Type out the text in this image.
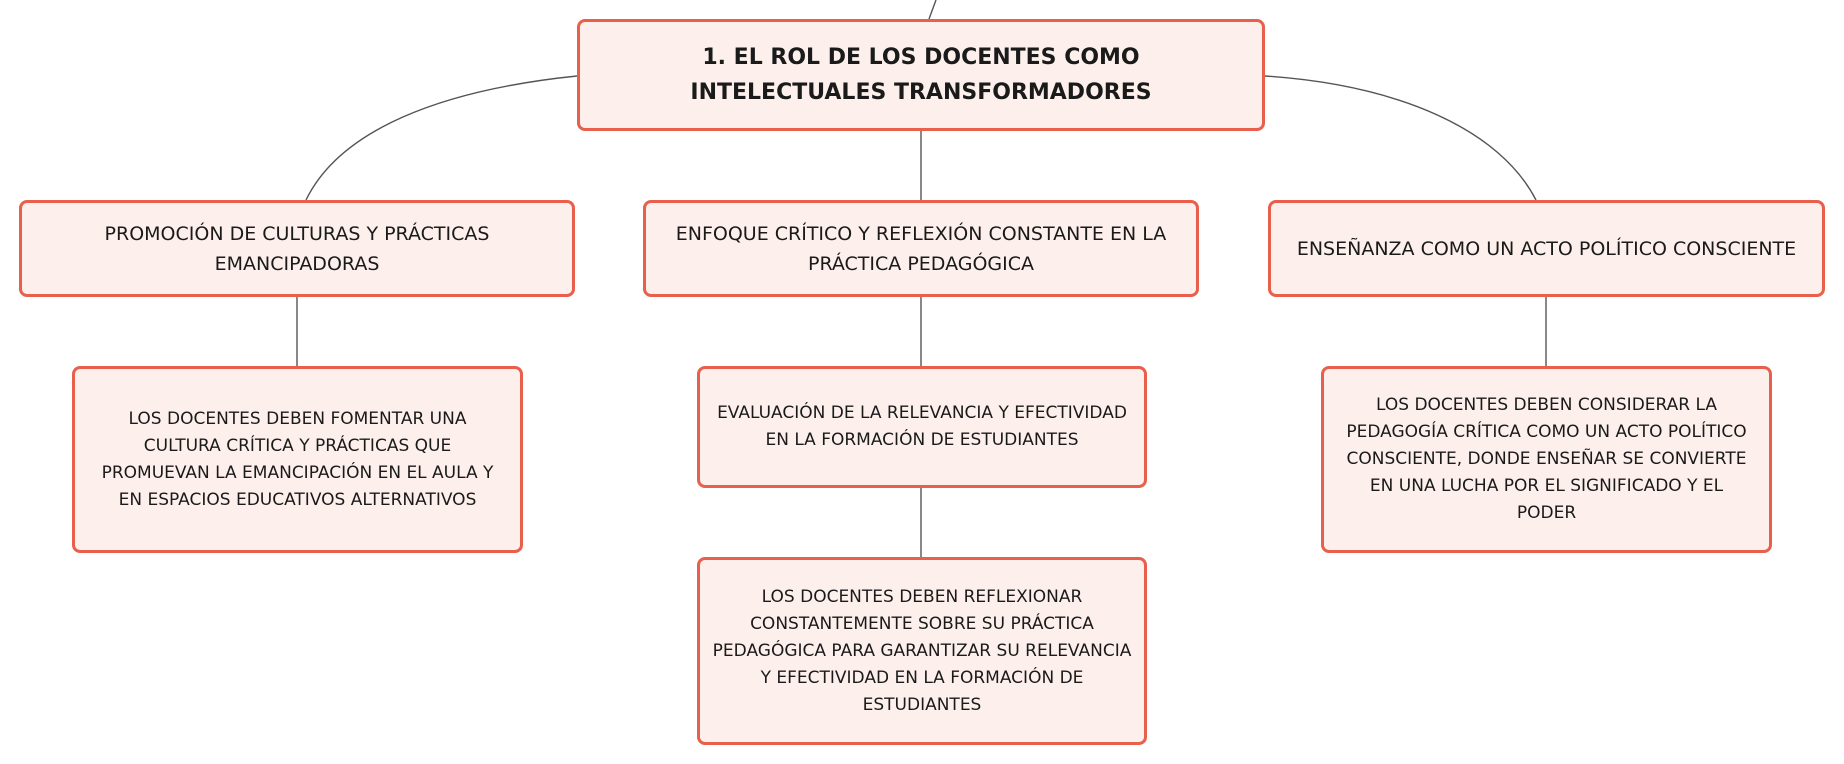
1. EL ROL DE LOS DOCENTES COMO INTELECTUALES TRANSFORMADORES
PROMOCIÓN DE CULTURAS Y PRÁCTICAS EMANCIPADORAS
ENFOQUE CRÍTICO Y REFLEXIÓN CONSTANTE EN LA PRÁCTICA PEDAGÓGICA
ENSEÑANZA COMO UN ACTO POLÍTICO CONSCIENTE
LOS DOCENTES DEBEN FOMENTAR UNA CULTURA CRÍTICA Y PRÁCTICAS QUE PROMUEVAN LA EMANCIPACIÓN EN EL AULA Y EN ESPACIOS EDUCATIVOS ALTERNATIVOS
EVALUACIÓN DE LA RELEVANCIA Y EFECTIVIDAD EN LA FORMACIÓN DE ESTUDIANTES
LOS DOCENTES DEBEN REFLEXIONAR CONSTANTEMENTE SOBRE SU PRÁCTICA PEDAGÓGICA PARA GARANTIZAR SU RELEVANCIA Y EFECTIVIDAD EN LA FORMACIÓN DE ESTUDIANTES
LOS DOCENTES DEBEN CONSIDERAR LA PEDAGOGÍA CRÍTICA COMO UN ACTO POLÍTICO CONSCIENTE, DONDE ENSEÑAR SE CONVIERTE EN UNA LUCHA POR EL SIGNIFICADO Y EL PODER
